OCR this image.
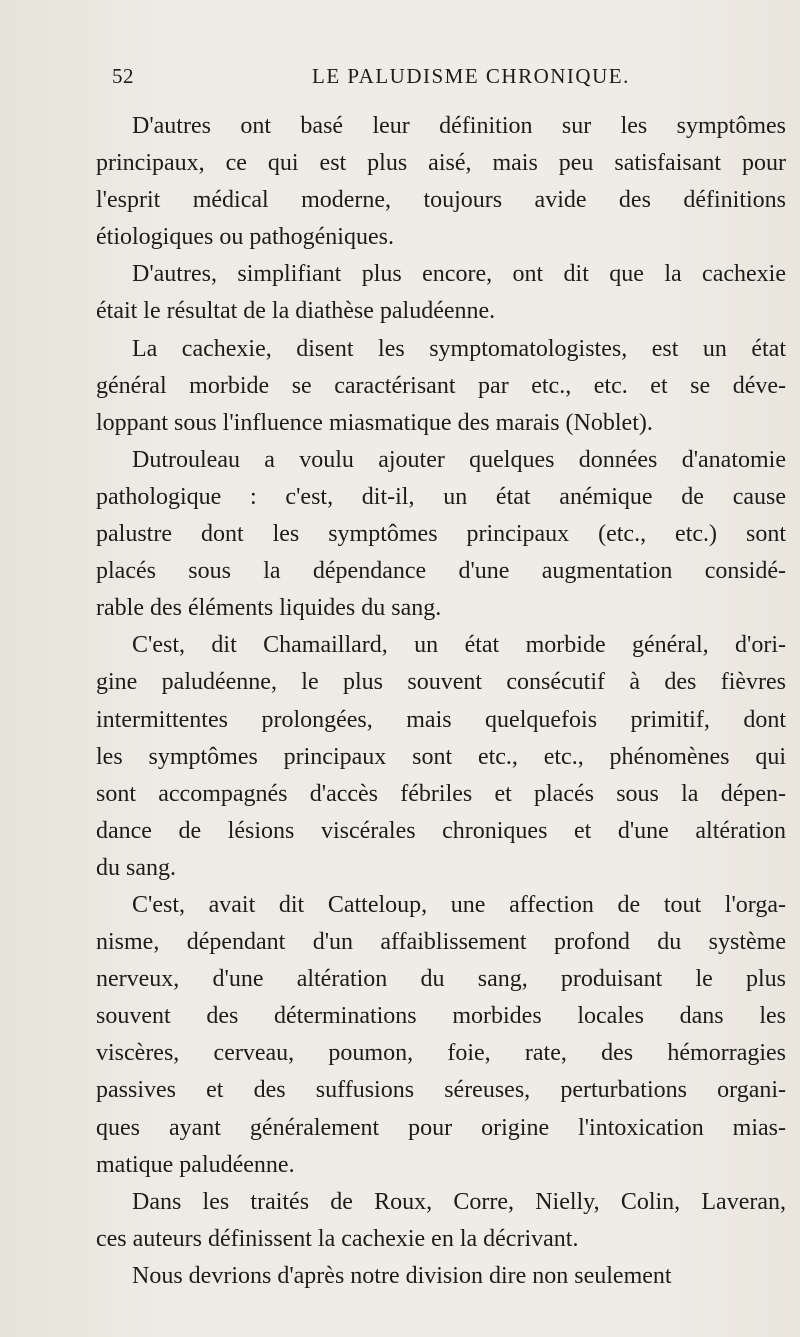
52	LE PALUDISME CHRONIQUE.
D'autres ont basé leur définition sur les symptômes
principaux, ce qui est plus aisé, mais peu satisfaisant pour
l'esprit médical moderne, toujours avide des définitions
étiologiques ou pathogéniques.
D'autres, simplifiant plus encore, ont dit que la cachexie
était le résultat de la diathèse paludéenne.
La cachexie, disent les symptomatologistes, est un état
général morbide se caractérisant par etc., etc. et se déve-
loppant sous l'influence miasmatique des marais (Noblet).
Dutrouleau a voulu ajouter quelques données d'anatomie
pathologique : c'est, dit-il, un état anémique de cause
palustre dont les symptômes principaux (etc., etc.) sont
placés sous la dépendance d'une augmentation considé-
rable des éléments liquides du sang.
C'est, dit Chamaillard, un état morbide général, d'ori-
gine paludéenne, le plus souvent consécutif à des fièvres
intermittentes prolongées, mais quelquefois primitif, dont
les symptômes principaux sont etc., etc., phénomènes qui
sont accompagnés d'accès fébriles et placés sous la dépen-
dance de lésions viscérales chroniques et d'une altération
du sang.
C'est, avait dit Catteloup, une affection de tout l'orga-
nisme, dépendant d'un affaiblissement profond du système
nerveux, d'une altération du sang, produisant le plus
souvent des déterminations morbides locales dans les
viscères, cerveau, poumon, foie, rate, des hémorragies
passives et des suffusions séreuses, perturbations organi-
ques ayant généralement pour origine l'intoxication mias-
matique paludéenne.
Dans les traités de Roux, Corre, Nielly, Colin, Laveran,
ces auteurs définissent la cachexie en la décrivant.
Nous devrions d'après notre division dire non seulement
